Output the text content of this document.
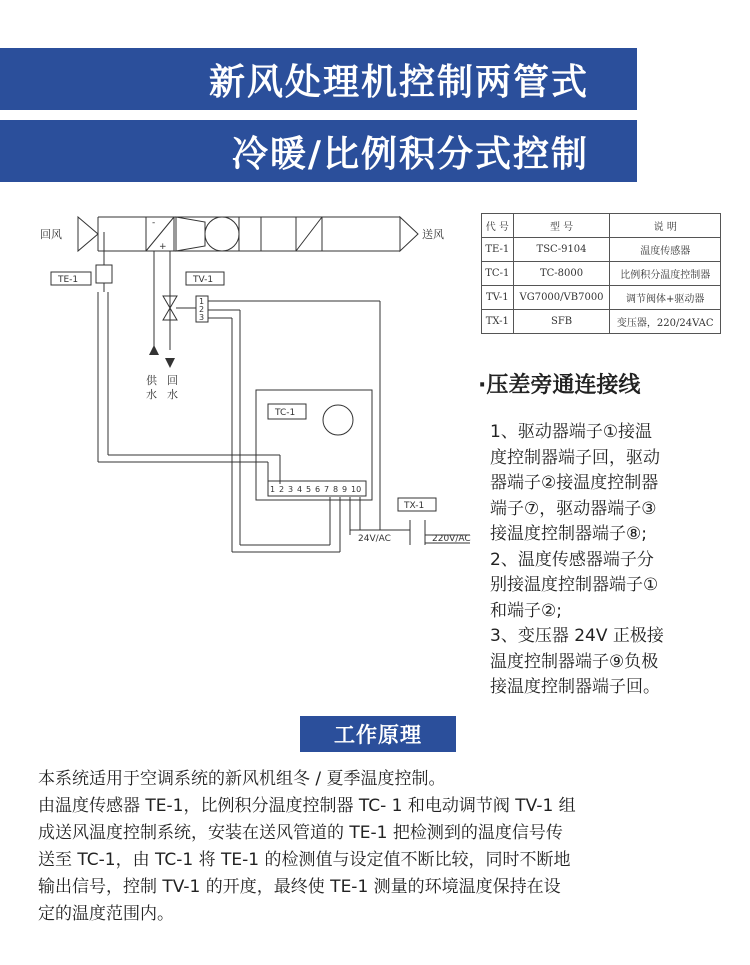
新风处理机控制两管式
冷暖/比例积分式控制
回风	送风
TE-1	TV-1
TC-1
TX-1
-
+
供
水
回
水
1
2
3
1 2 3 4 5 6 7 8 9 10
24V/AC	220V/AC
代 号	型 号	说 明
TE-1	TSC-9104	温度传感器
TC-1	TC-8000	比例积分温度控制器
TV-1	VG7000/VB7000	调节阀体+驱动器
TX-1	SFB	变压器，220/24VAC
·压差旁通连接线

1、驱动器端子①接温

度控制器端子回，驱动

器端子②接温度控制器

端子⑦，驱动器端子③

接温度控制器端子⑧;

2、温度传感器端子分

别接温度控制器端子①

和端子②;

3、变压器 24V 正极接

温度控制器端子⑨负极

接温度控制器端子回。

工作原理

本系统适用于空调系统的新风机组冬 / 夏季温度控制。

由温度传感器 TE-1，比例积分温度控制器 TC- 1 和电动调节阀 TV-1 组

成送风温度控制系统，安装在送风管道的 TE-1 把检测到的温度信号传

送至 TC-1，由 TC-1 将 TE-1 的检测值与设定值不断比较，同时不断地

输出信号，控制 TV-1 的开度，最终使 TE-1 测量的环境温度保持在设

定的温度范围内。
